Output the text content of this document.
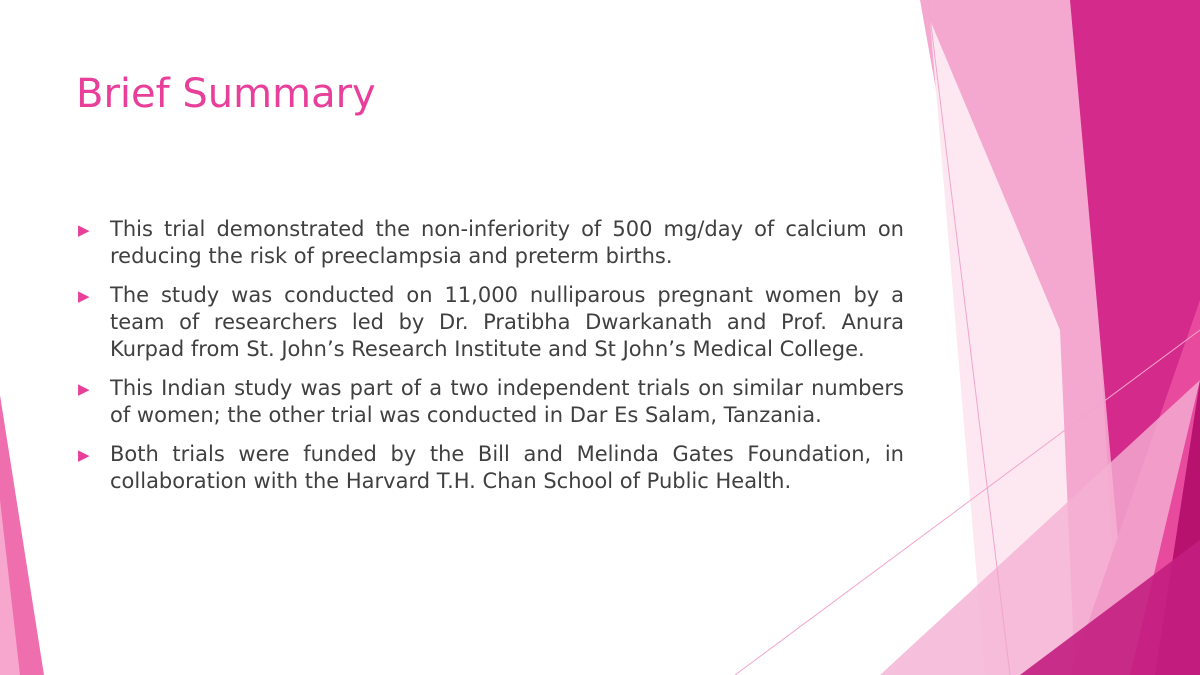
Brief Summary
▶ This trial demonstrated the non-inferiority of 500 mg/day of calcium on reducing the risk of preeclampsia and preterm births.
▶ The study was conducted on 11,000 nulliparous pregnant women by a team of researchers led by Dr. Pratibha Dwarkanath and Prof. Anura Kurpad from St. John’s Research Institute and St John’s Medical College.
▶ This Indian study was part of a two independent trials on similar numbers of women; the other trial was conducted in Dar Es Salam, Tanzania.
▶ Both trials were funded by the Bill and Melinda Gates Foundation, in collaboration with the Harvard T.H. Chan School of Public Health.
